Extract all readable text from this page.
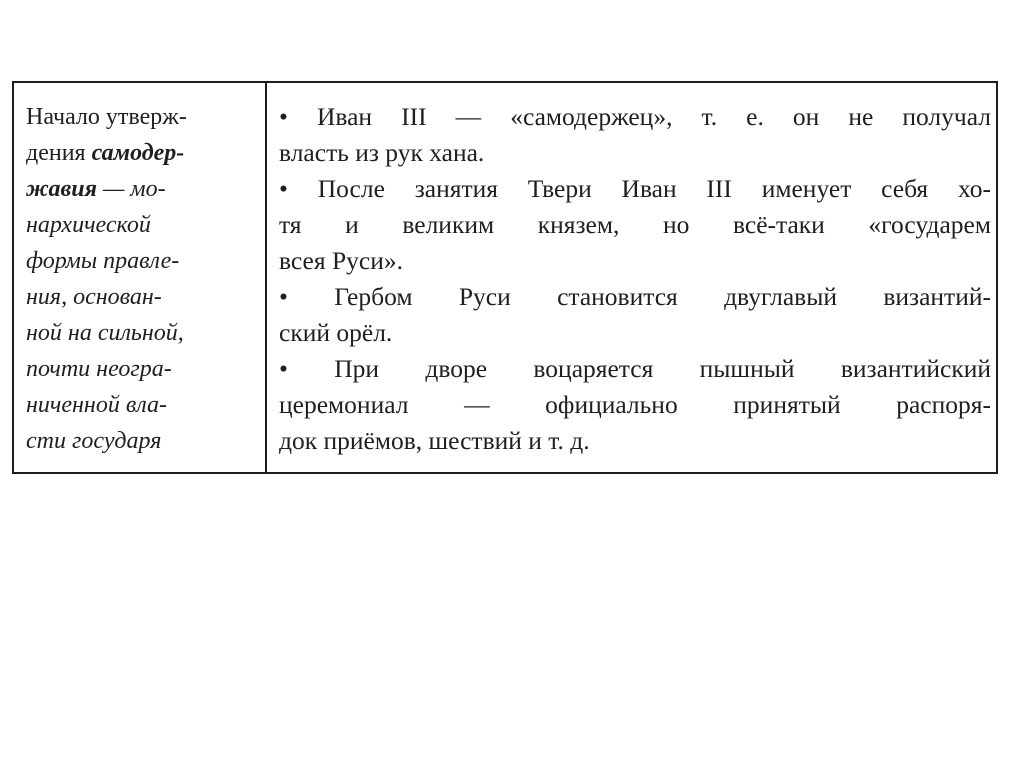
Начало утверж-
дения самодер-
жавия — мо-
нархической
формы правле-
ния, основан-
ной на сильной,
почти неогра-
ниченной вла-
сти государя
• Иван III — «самодержец», т. е. он не получал
власть из рук хана.
• После занятия Твери Иван III именует себя хо-
тя и великим князем, но всё-таки «государем
всея Руси».
• Гербом Руси становится двуглавый византий-
ский орёл.
• При дворе воцаряется пышный византийский
церемониал — официально принятый распоря-
док приёмов, шествий и т. д.
